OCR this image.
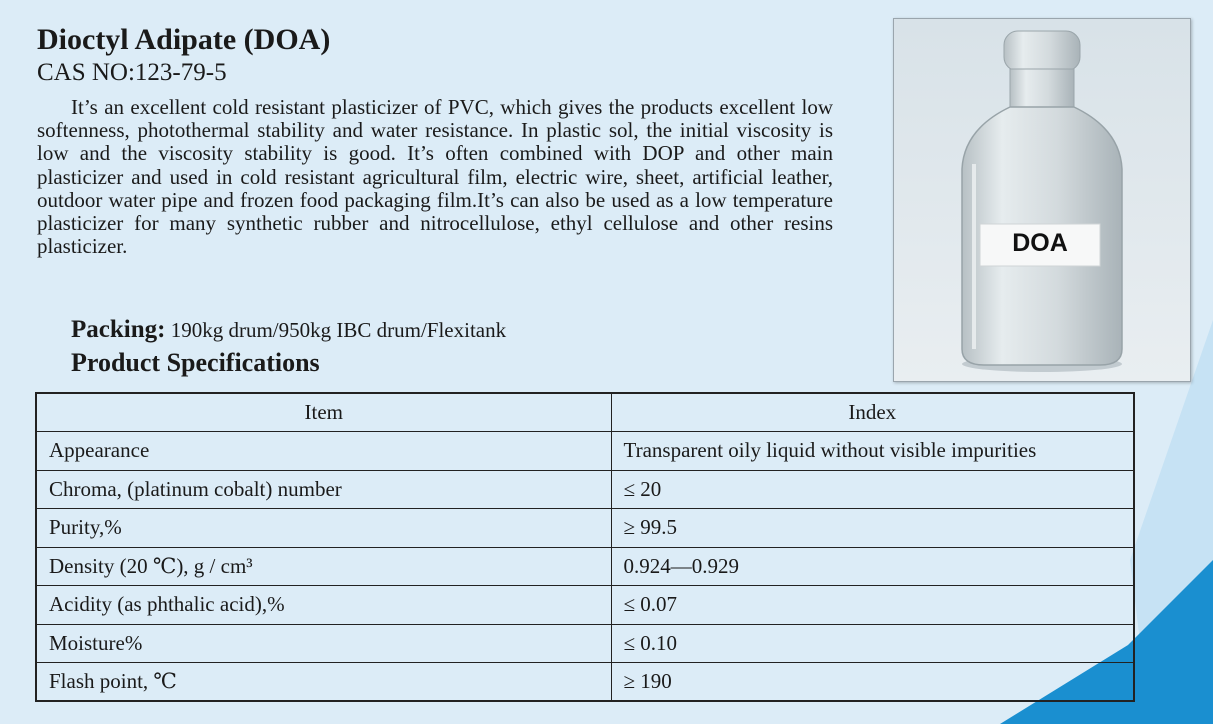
Dioctyl Adipate (DOA)
CAS NO:123-79-5

It’s an excellent cold resistant plasticizer of PVC, which gives the products excellent low softenness, photothermal stability and water resistance. In plastic sol, the initial viscosity is low and the viscosity stability is good. It’s often combined with DOP and other main plasticizer and used in cold resistant agricultural film, electric wire, sheet, artificial leather, outdoor water pipe and frozen food packaging film.It’s can also be used as a low temperature plasticizer for many synthetic rubber and nitrocellulose, ethyl cellulose and other resins plasticizer.

Packing: 190kg drum/950kg IBC drum/Flexitank
Product Specifications
DOA
Item	Index
Appearance	Transparent oily liquid without visible impurities
Chroma, (platinum cobalt) number	≤ 20
Purity,%	≥ 99.5
Density (20 ℃), g / cm³	0.924—0.929
Acidity (as phthalic acid),%	≤ 0.07
Moisture%	≤ 0.10
Flash point, ℃	≥ 190
